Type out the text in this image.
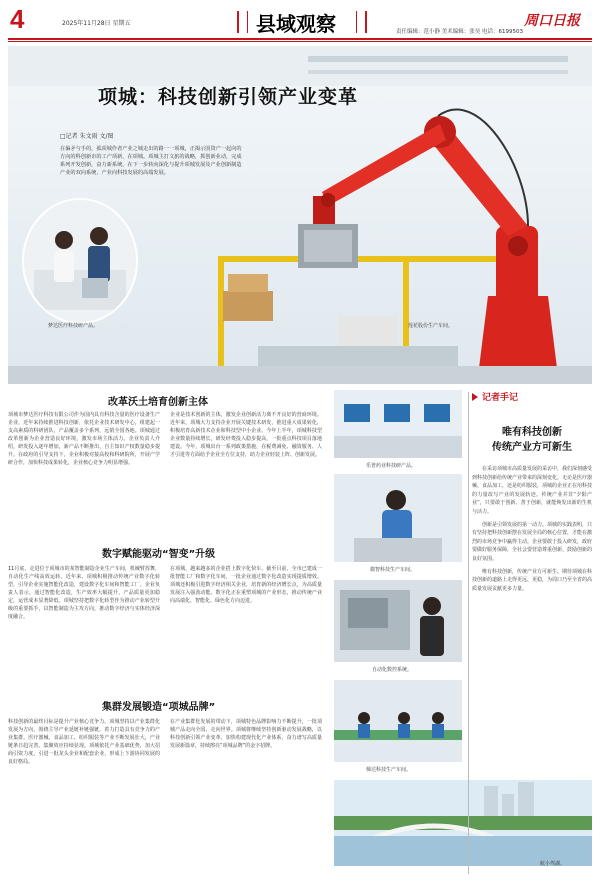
4	2025年11月28日 星期五	县域观察	责任编辑：范小静 美术编辑：张昊 电话：6199503
周口日报
项城：科技创新引领产业变革
□记者 朱文雨 文/图
在偏矛与手的，孤项城作者产业之城走出的路一一项城，正揭示国资产一起向的方向的科创新市的工产项新，在项城。项城主打文旅的战略，抓创新业动，完成系列开发创新，奋力新系统，在下一步转向深化与提升项城发展及产业创新制造产业的双向系统，产业向科技发展的高端发展。
梦达医疗科技研产品。	莲花股份生产车间。
改革沃土培育创新主体
项城市梦达医疗科技有限公司作为国内具有科技含量的医疗设备生产企业，近年来持续推进科技创新，依托企业技术研发中心，组建起一支高素质的科研团队，产品覆盖多个系列，远销全国各地。项城通过改革创新为企业营造良好环境，激发市场主体活力。企业负责人介绍，研发投入逐年增加，新产品不断推出，自主知识产权数量稳步提升。在政府的引导支持下，企业积极对接高校和科研院所，开展产学研合作，加快科技成果转化，企业核心竞争力明显增强。
企业是技术创新的主体，激发企业创新活力离不开良好的营商环境。近年来，项城大力支持企业开展关键技术研发，推进重大成果转化，积极培育高新技术企业和科技型中小企业。今年上半年，项城科技型企业数量持续增长，研发经费投入稳步提高，一批重点科技项目落地建设。今年，项城出台一系列政策措施，在税费减免、融资服务、人才引进等方面给予企业全方位支持，助力企业轻装上阵、创新发展。
数字赋能驱动“智变”升级
11月底，走进位于项城市的某智能制造企业生产车间，机械臂挥舞，自动化生产线高效运转。近年来，项城积极推动传统产业数字化转型，引导企业实施智能化改造，建设数字化车间和智能工厂。企业负责人表示，通过智能化改造，生产效率大幅提升，产品质量更加稳定，运营成本显著降低。项城坚持把数字化转型作为推动产业转型升级的重要抓手，以智能制造为主攻方向，推动数字经济与实体经济深度融合。
在项城，越来越多的企业搭上数字化快车。截至目前，全市已建成一批智能工厂和数字化车间，一批企业通过数字化改造实现提质增效。项城还积极引进数字经济相关企业，培育新的经济增长点，为高质量发展注入强劲动能。数字化正在重塑项城的产业形态，推动传统产业向高端化、智能化、绿色化方向迈进。
集群发展锻造“项城品牌”
科技创新的最终目标是提升产业核心竞争力。项城坚持以产业集群化发展为方向，围绕主导产业延链补链强链，着力打造具有竞争力的产业集群。医疗器械、食品加工、纺织服装等产业不断发展壮大，产业链条日趋完善，集聚效应持续显现。项城依托产业基础优势，加大招商引资力度，引进一批龙头企业和配套企业，形成上下游协同发展的良好格局。
在产业集群化发展的带动下，项城特色品牌影响力不断提升，一批项城产品走向全国、走向世界。项城将继续坚持创新驱动发展战略，以科技创新引领产业变革，加快构建现代化产业体系，奋力谱写高质量发展新篇章，持续擦亮“项城品牌”的金字招牌。
乐普药业科技研产品。
微智科技生产车间。
自动化数控系统。
梯达科技生产车间。
航小驾湖。
记者手记
唯有科技创新
传统产业方可新生
在采访项城市高质量发展的采访中，我们深刻感受到科技创新给传统产业带来的深刻变化。无论是医疗器械、食品加工，还是纺织服装，项城的企业正在用科技的力量改写产业的发展轨迹。传统产业并非“夕阳产业”，只要敢于创新、善于创新，就能焕发出新的生机与活力。
创新是引领发展的第一动力。项城的实践表明，只有坚持把科技创新摆在发展全局的核心位置，才能在激烈的市场竞争中赢得主动。企业要敢于投入研发，政府要做好服务保障，全社会要营造尊重创新、鼓励创新的良好氛围。
唯有科技创新，传统产业方可新生。期待项城在科技创新的道路上走得更远、更稳，为周口乃至全省的高质量发展贡献更多力量。
